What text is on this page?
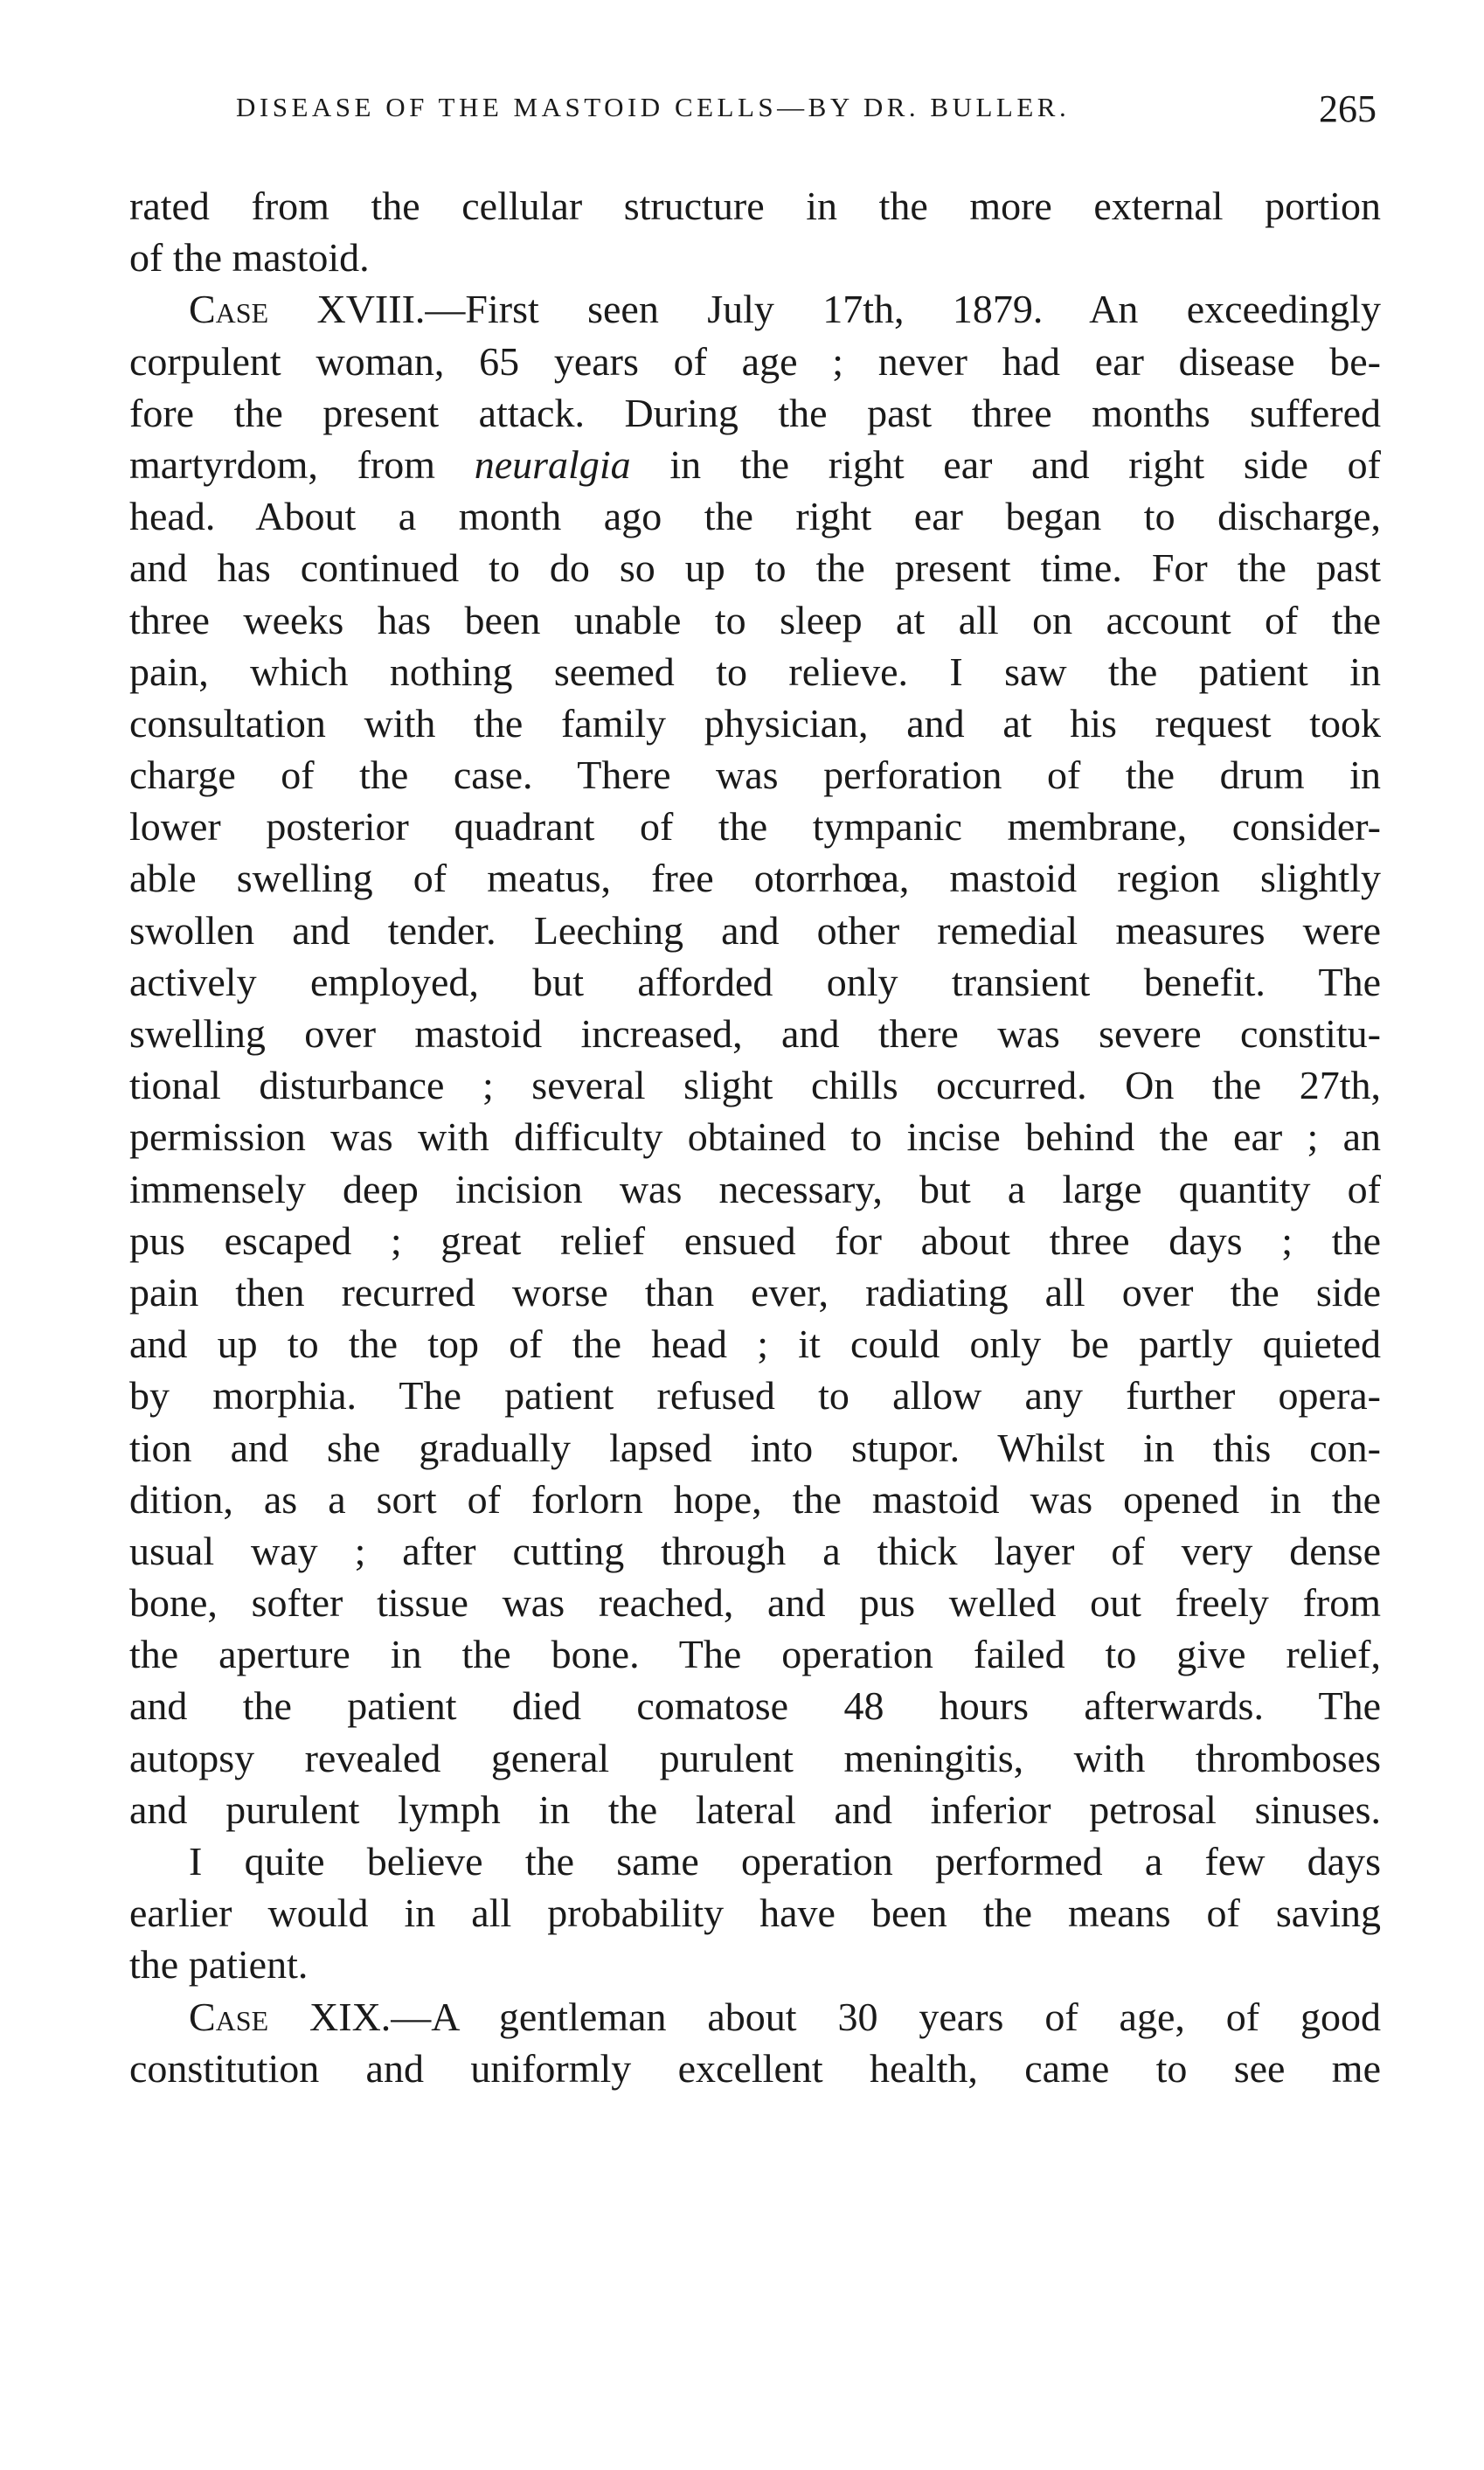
DISEASE OF THE MASTOID CELLS—BY DR. BULLER.	265
rated from the cellular structure in the more external portion
of the mastoid.
Case XVIII.—First seen July 17th, 1879. An exceedingly
corpulent woman, 65 years of age ; never had ear disease be-
fore the present attack. During the past three months suffered
martyrdom, from neuralgia in the right ear and right side of
head. About a month ago the right ear began to discharge,
and has continued to do so up to the present time. For the past
three weeks has been unable to sleep at all on account of the
pain, which nothing seemed to relieve. I saw the patient in
consultation with the family physician, and at his request took
charge of the case. There was perforation of the drum in
lower posterior quadrant of the tympanic membrane, consider-
able swelling of meatus, free otorrhœa, mastoid region slightly
swollen and tender. Leeching and other remedial measures were
actively employed, but afforded only transient benefit. The
swelling over mastoid increased, and there was severe constitu-
tional disturbance ; several slight chills occurred. On the 27th,
permission was with difficulty obtained to incise behind the ear ; an
immensely deep incision was necessary, but a large quantity of
pus escaped ; great relief ensued for about three days ; the
pain then recurred worse than ever, radiating all over the side
and up to the top of the head ; it could only be partly quieted
by morphia. The patient refused to allow any further opera-
tion and she gradually lapsed into stupor. Whilst in this con-
dition, as a sort of forlorn hope, the mastoid was opened in the
usual way ; after cutting through a thick layer of very dense
bone, softer tissue was reached, and pus welled out freely from
the aperture in the bone. The operation failed to give relief,
and the patient died comatose 48 hours afterwards. The
autopsy revealed general purulent meningitis, with thromboses
and purulent lymph in the lateral and inferior petrosal sinuses.
I quite believe the same operation performed a few days
earlier would in all probability have been the means of saving
the patient.
Case XIX.—A gentleman about 30 years of age, of good
constitution and uniformly excellent health, came to see me
